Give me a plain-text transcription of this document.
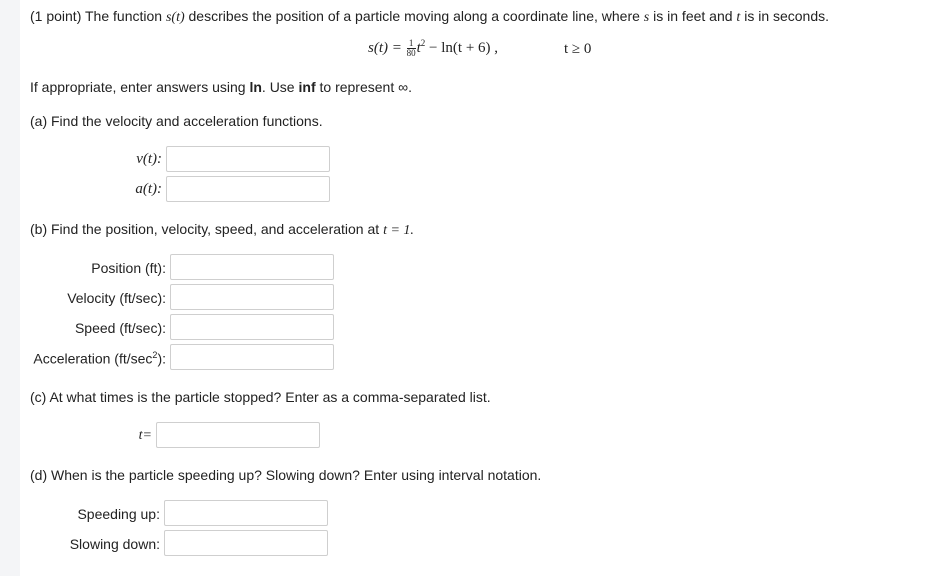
(1 point) The function s(t) describes the position of a particle moving along a coordinate line, where s is in feet and t is in seconds.
$s(t) = \frac{1}{80} t^2 - \ln(t + 6)$ ,	t ≥ 0
If appropriate, enter answers using ln. Use inf to represent ∞.
(a) Find the velocity and acceleration functions.
v(t):
a(t):
(b) Find the position, velocity, speed, and acceleration at t = 1.
Position (ft):
Velocity (ft/sec):
Speed (ft/sec):
Acceleration $(ft/\sec^2)$:
(c) At what times is the particle stopped? Enter as a comma-separated list.
t=
(d) When is the particle speeding up? Slowing down? Enter using interval notation.
Speeding up:
Slowing down:
